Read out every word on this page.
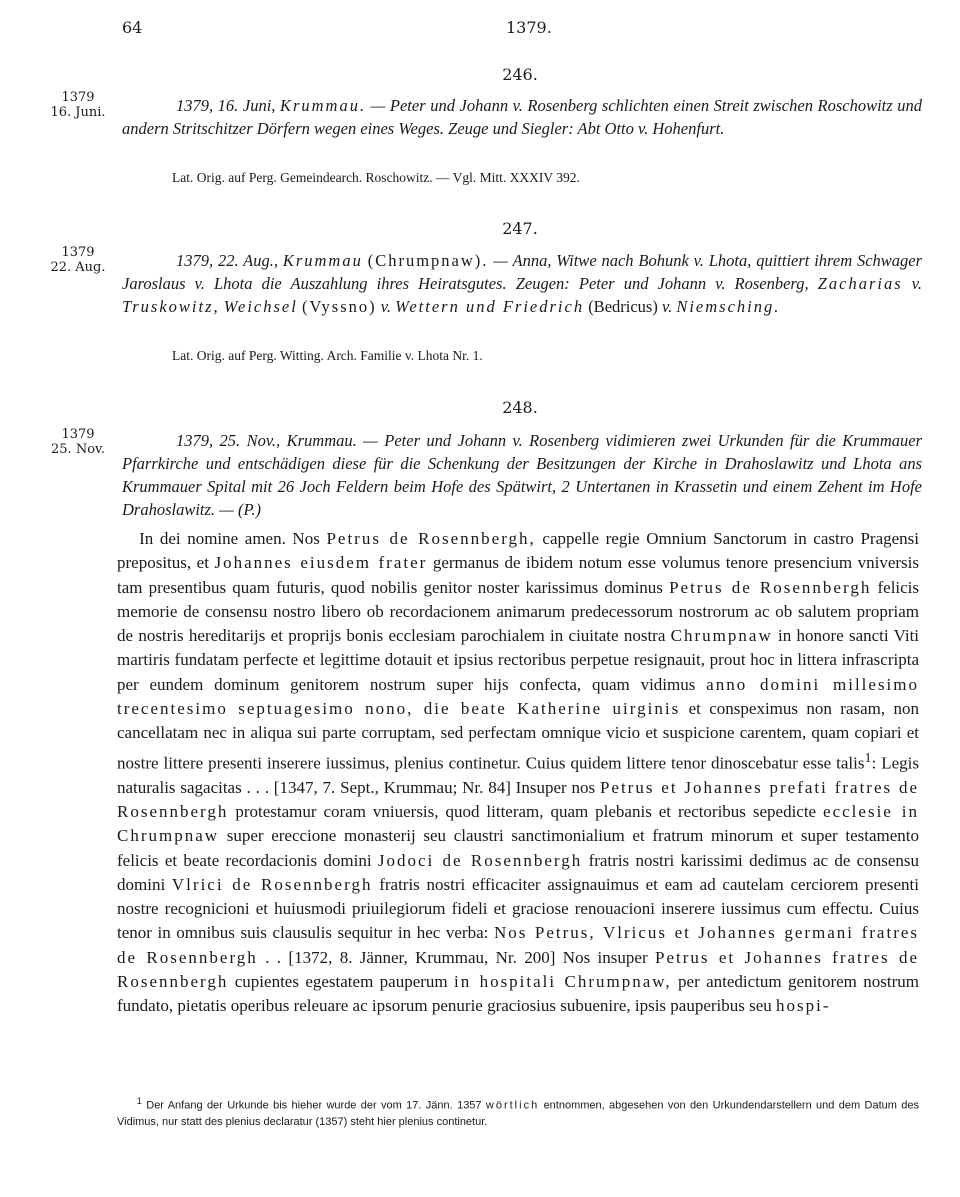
64	1379.
246.
1379
16. Juni.	1379, 16. Juni, Krummau. — Peter und Johann v. Rosenberg schlichten einen Streit zwischen Roschowitz und andern Stritschitzer Dörfern wegen eines Weges. Zeuge und Siegler: Abt Otto v. Hohenfurt.
Lat. Orig. auf Perg. Gemeindearch. Roschowitz. — Vgl. Mitt. XXXIV 392.
247.
1379
22. Aug.	1379, 22. Aug., Krummau (Chrumpnaw). — Anna, Witwe nach Bohunk v. Lhota, quittiert ihrem Schwager Jaroslaus v. Lhota die Auszahlung ihres Heiratsgutes. Zeugen: Peter und Johann v. Rosenberg, Zacharias v. Truskowitz, Weichsel (Vyssno) v. Wettern und Friedrich (Bedricus) v. Niemsching.
Lat. Orig. auf Perg. Witting. Arch. Familie v. Lhota Nr. 1.
248.
1379
25. Nov.	1379, 25. Nov., Krummau. — Peter und Johann v. Rosenberg vidimieren zwei Urkunden für die Krummauer Pfarrkirche und entschädigen diese für die Schenkung der Besitzungen der Kirche in Drahoslawitz und Lhota ans Krummauer Spital mit 26 Joch Feldern beim Hofe des Spätwirt, 2 Untertanen in Krassetin und einem Zehent im Hofe Drahoslawitz. — (P.)
In dei nomine amen. Nos Petrus de Rosennbergh, cappelle regie Omnium Sanctorum in castro Pragensi prepositus, et Johannes eiusdem frater germanus de ibidem notum esse volumus tenore presencium vniversis tam presentibus quam futuris, quod nobilis genitor noster karissimus dominus Petrus de Rosennbergh felicis memorie de consensu nostro libero ob recordacionem animarum predecessorum nostrorum ac ob salutem propriam de nostris hereditarijs et proprijs bonis ecclesiam parochialem in ciuitate nostra Chrumpnaw in honore sancti Viti martiris fundatam perfecte et legittime dotauit et ipsius rectoribus perpetue resignauit, prout hoc in littera infrascripta per eundem dominum genitorem nostrum super hijs confecta, quam vidimus anno domini millesimo trecentesimo septuagesimo nono, die beate Katherine uirginis et conspeximus non rasam, non cancellatam nec in aliqua sui parte corruptam, sed perfectam omnique vicio et suspicione carentem, quam copiari et nostre littere presenti inserere iussimus, plenius continetur. Cuius quidem littere tenor dinoscebatur esse talis$^1$: Legis naturalis sagacitas . . . [1347, 7. Sept., Krummau; Nr. 84] Insuper nos Petrus et Johannes prefati fratres de Rosennbergh protestamur coram vniuersis, quod litteram, quam plebanis et rectoribus sepedicte ecclesie in Chrumpnaw super ereccione monasterij seu claustri sanctimonialium et fratrum minorum et super testamento felicis et beate recordacionis domini Jodoci de Rosennbergh fratris nostri karissimi dedimus ac de consensu domini Vlrici de Rosennbergh fratris nostri efficaciter assignauimus et eam ad cautelam cerciorem presenti nostre recognicioni et huiusmodi priuilegiorum fideli et graciose renouacioni inserere iussimus cum effectu. Cuius tenor in omnibus suis clausulis sequitur in hec verba: Nos Petrus, Vlricus et Johannes germani fratres de Rosennbergh . . [1372, 8. Jänner, Krummau, Nr. 200] Nos insuper Petrus et Johannes fratres de Rosennbergh cupientes egestatem pauperum in hospitali Chrumpnaw, per antedictum genitorem nostrum fundato, pietatis operibus releuare ac ipsorum penurie graciosius subuenire, ipsis pauperibus seu hospi-
$^1$ Der Anfang der Urkunde bis hieher wurde der vom 17. Jänn. 1357 wörtlich entnommen, abgesehen von den Urkundendarstellern und dem Datum des Vidimus, nur statt des plenius declaratur (1357) steht hier plenius continetur.
